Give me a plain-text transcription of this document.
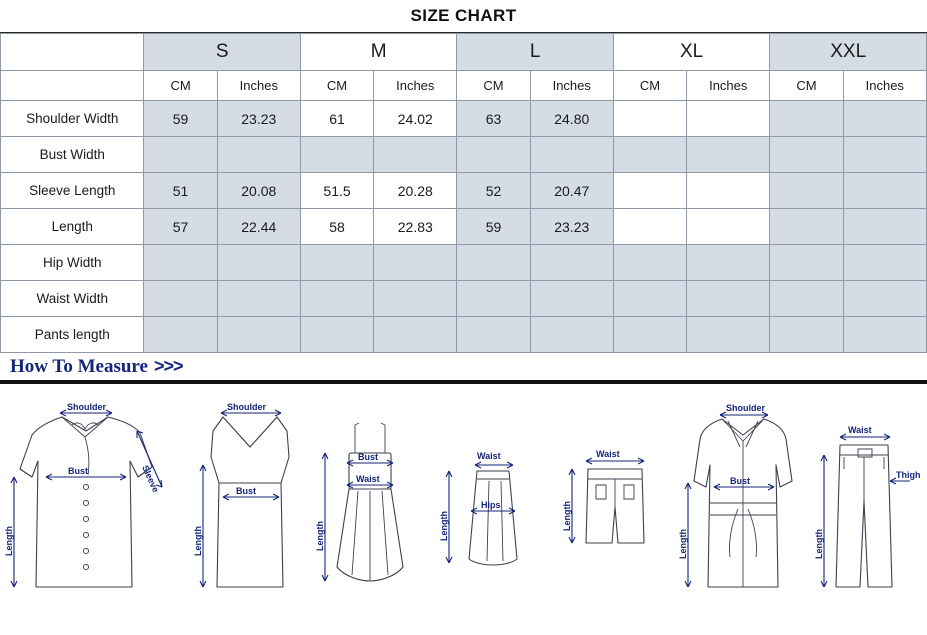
SIZE CHART
	S		M		L		XL		XXL	
	CM	Inches	CM	Inches	CM	Inches	CM	Inches	CM	Inches
Shoulder Width	59	23.23	61	24.02	63	24.80				
Bust Width										
Sleeve Length	51	20.08	51.5	20.28	52	20.47				
Length	57	22.44	58	22.83	59	23.23				
Hip Width										
Waist Width										
Pants length										
How To Measure >>>
Shoulder
Bust	Sleeve
Length
Shoulder
Bust
Length
Bust
Waist
Length
Waist
Hips
Length
Waist
Length
Shoulder
Bust
Length
Waist
Thigh
Length
